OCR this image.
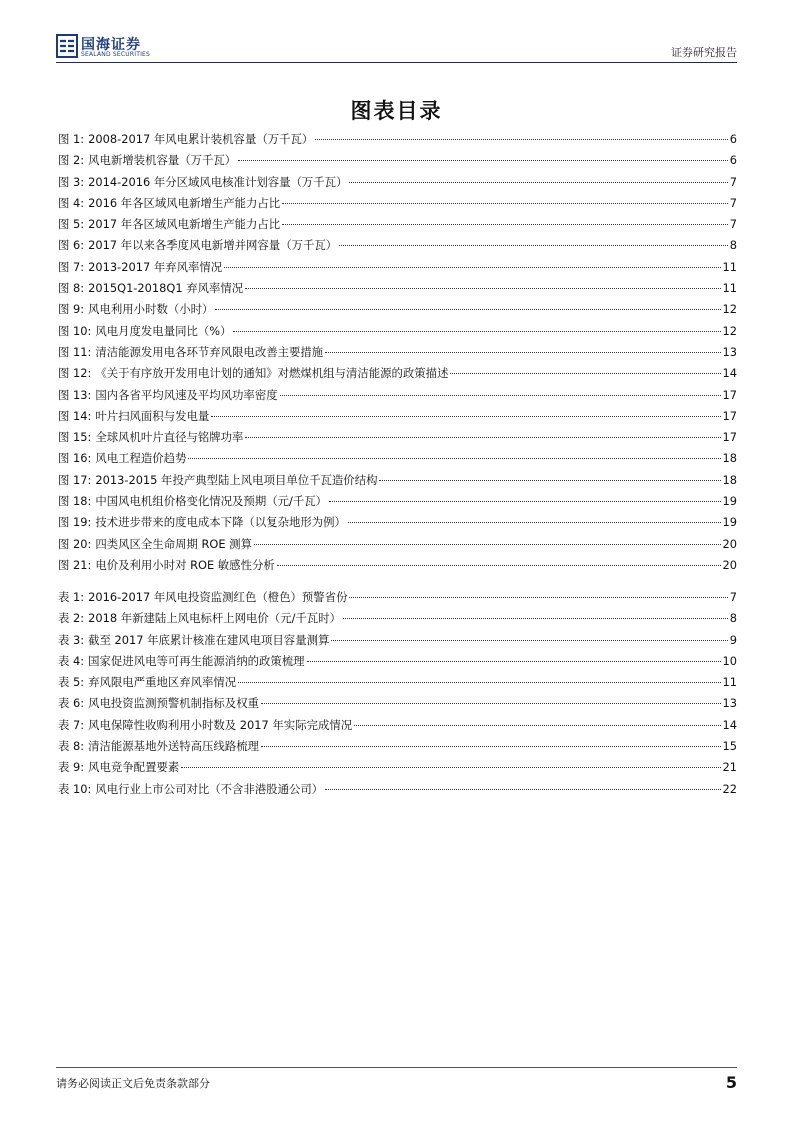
国海证券
SEALAND SECURITIES	证券研究报告
图表目录
图 1: 2008-2017 年风电累计装机容量（万千瓦）	6
图 2: 风电新增装机容量（万千瓦）	6
图 3: 2014-2016 年分区域风电核准计划容量（万千瓦）	7
图 4: 2016 年各区域风电新增生产能力占比	7
图 5: 2017 年各区域风电新增生产能力占比	7
图 6: 2017 年以来各季度风电新增并网容量（万千瓦）	8
图 7: 2013-2017 年弃风率情况	11
图 8: 2015Q1-2018Q1 弃风率情况	11
图 9: 风电利用小时数（小时）	12
图 10: 风电月度发电量同比（%）	12
图 11: 清洁能源发用电各环节弃风限电改善主要措施	13
图 12: 《关于有序放开发用电计划的通知》对燃煤机组与清洁能源的政策描述	14
图 13: 国内各省平均风速及平均风功率密度	17
图 14: 叶片扫风面积与发电量	17
图 15: 全球风机叶片直径与铭牌功率	17
图 16: 风电工程造价趋势	18
图 17: 2013-2015 年投产典型陆上风电项目单位千瓦造价结构	18
图 18: 中国风电机组价格变化情况及预期（元/千瓦）	19
图 19: 技术进步带来的度电成本下降（以复杂地形为例）	19
图 20: 四类风区全生命周期 ROE 测算	20
图 21: 电价及利用小时对 ROE 敏感性分析	20
表 1: 2016-2017 年风电投资监测红色（橙色）预警省份	7
表 2: 2018 年新建陆上风电标杆上网电价（元/千瓦时）	8
表 3: 截至 2017 年底累计核准在建风电项目容量测算	9
表 4: 国家促进风电等可再生能源消纳的政策梳理	10
表 5: 弃风限电严重地区弃风率情况	11
表 6: 风电投资监测预警机制指标及权重	13
表 7: 风电保障性收购利用小时数及 2017 年实际完成情况	14
表 8: 清洁能源基地外送特高压线路梳理	15
表 9: 风电竞争配置要素	21
表 10: 风电行业上市公司对比（不含非港股通公司）	22
请务必阅读正文后免责条款部分	5
